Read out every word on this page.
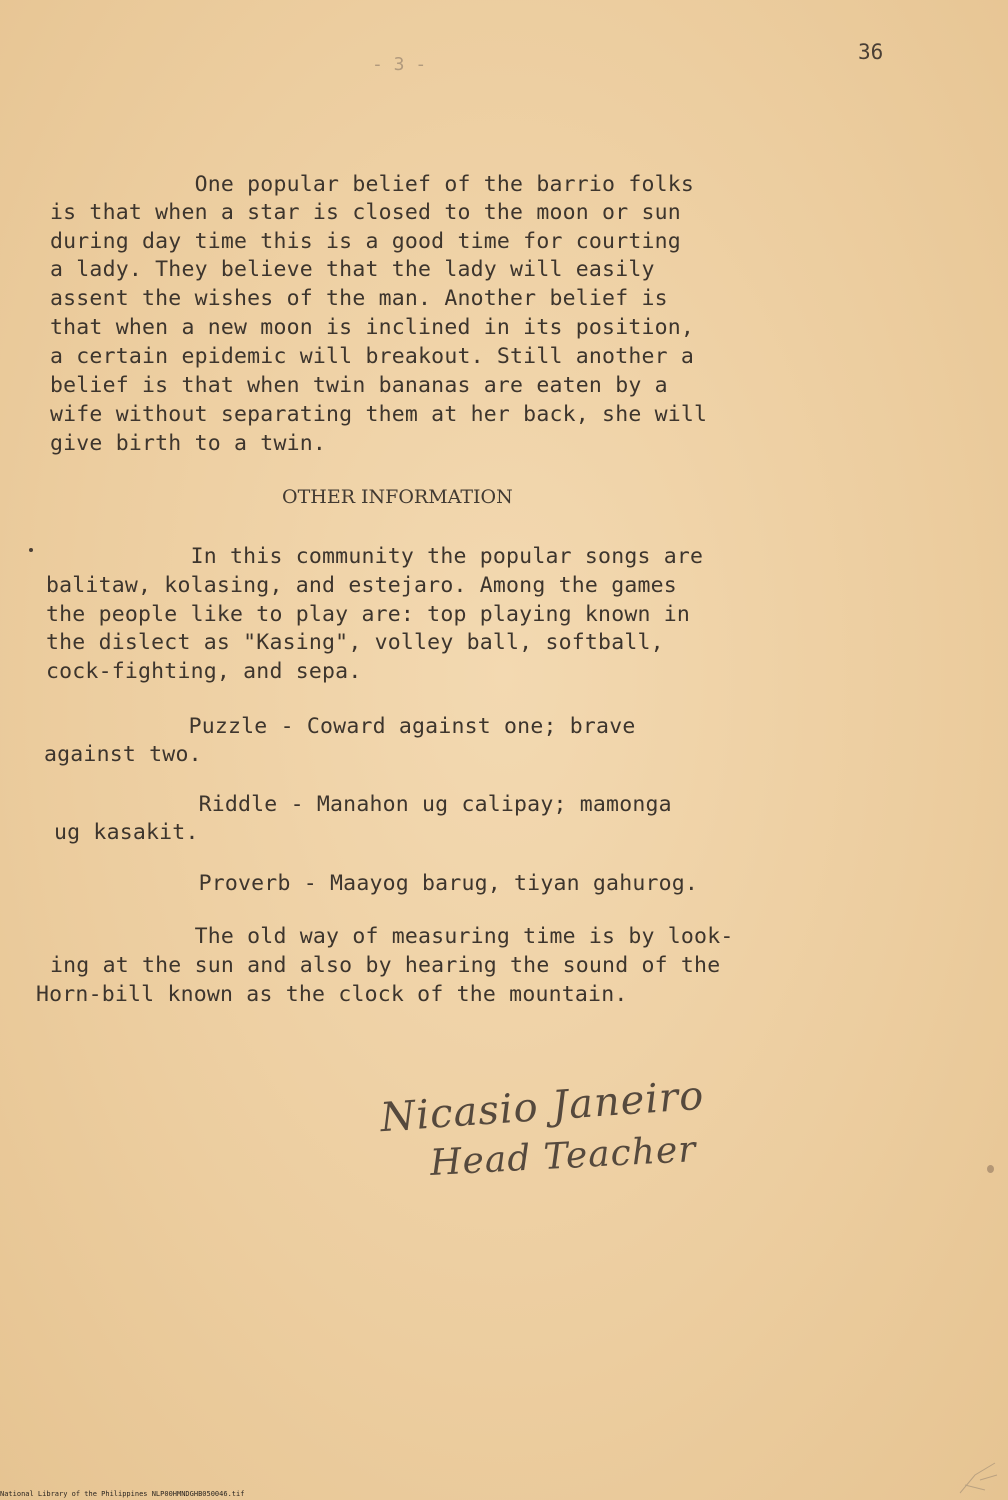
- 3 -
36
One popular belief of the barrio folks
is that when a star is closed to the moon or sun
during day time this is a good time for courting
a lady. They believe that the lady will easily
assent the wishes of the man. Another belief is
that when a new moon is inclined in its position,
a certain epidemic will breakout. Still another a
belief is that when twin bananas are eaten by a
wife without separating them at her back, she will
give birth to a twin.
OTHER INFORMATION
In this community the popular songs are
balitaw, kolasing, and estejaro. Among the games
the people like to play are: top playing known in
the dislect as "Kasing", volley ball, softball,
cock-fighting, and sepa.
Puzzle - Coward against one; brave
against two.
Riddle - Manahon ug calipay; mamonga
ug kasakit.
Proverb - Maayog barug, tiyan gahurog.
The old way of measuring time is by look-
ing at the sun and also by hearing the sound of the
Horn-bill known as the clock of the mountain.
Nicasio Janeiro
Head Teacher
National Library of the Philippines NLP00HMNDGHB050046.tif
